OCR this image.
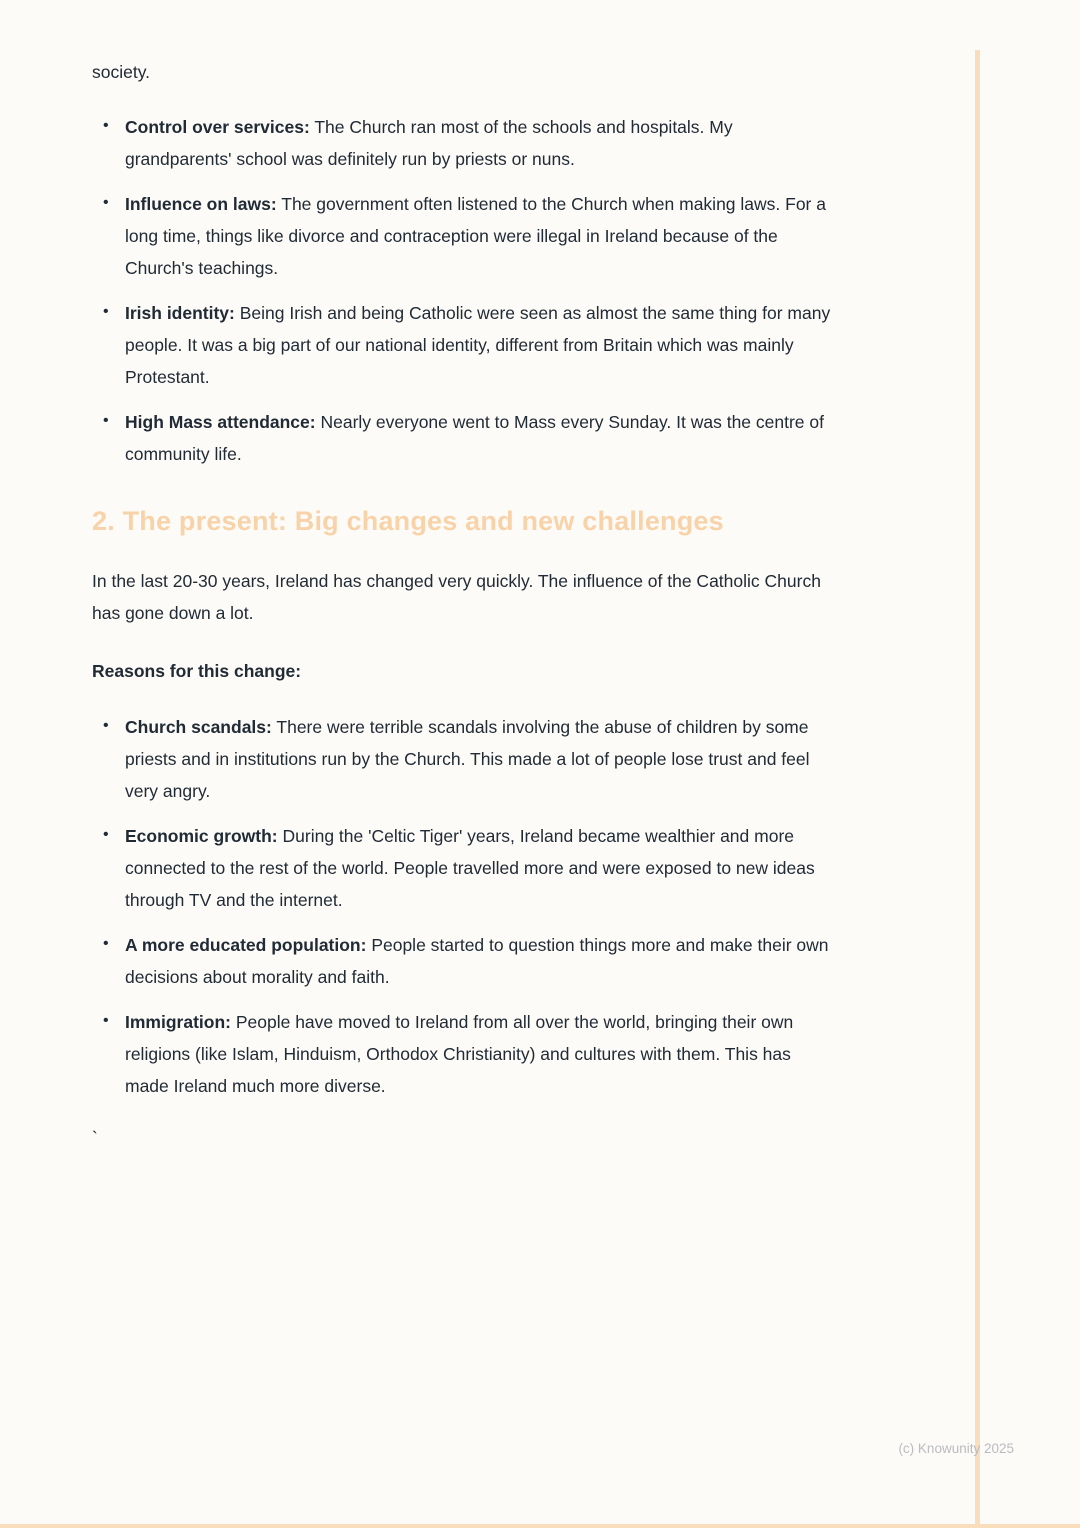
society.

• Control over services: The Church ran most of the schools and hospitals. My grandparents' school was definitely run by priests or nuns.
• Influence on laws: The government often listened to the Church when making laws. For a long time, things like divorce and contraception were illegal in Ireland because of the Church's teachings.
• Irish identity: Being Irish and being Catholic were seen as almost the same thing for many people. It was a big part of our national identity, different from Britain which was mainly Protestant.
• High Mass attendance: Nearly everyone went to Mass every Sunday. It was the centre of community life.
2. The present: Big changes and new challenges

In the last 20-30 years, Ireland has changed very quickly. The influence of the Catholic Church has gone down a lot.

Reasons for this change:

• Church scandals: There were terrible scandals involving the abuse of children by some priests and in institutions run by the Church. This made a lot of people lose trust and feel very angry.
• Economic growth: During the 'Celtic Tiger' years, Ireland became wealthier and more connected to the rest of the world. People travelled more and were exposed to new ideas through TV and the internet.
• A more educated population: People started to question things more and make their own decisions about morality and faith.
• Immigration: People have moved to Ireland from all over the world, bringing their own religions (like Islam, Hinduism, Orthodox Christianity) and cultures with them. This has made Ireland much more diverse.

`

(c) Knowunity 2025
